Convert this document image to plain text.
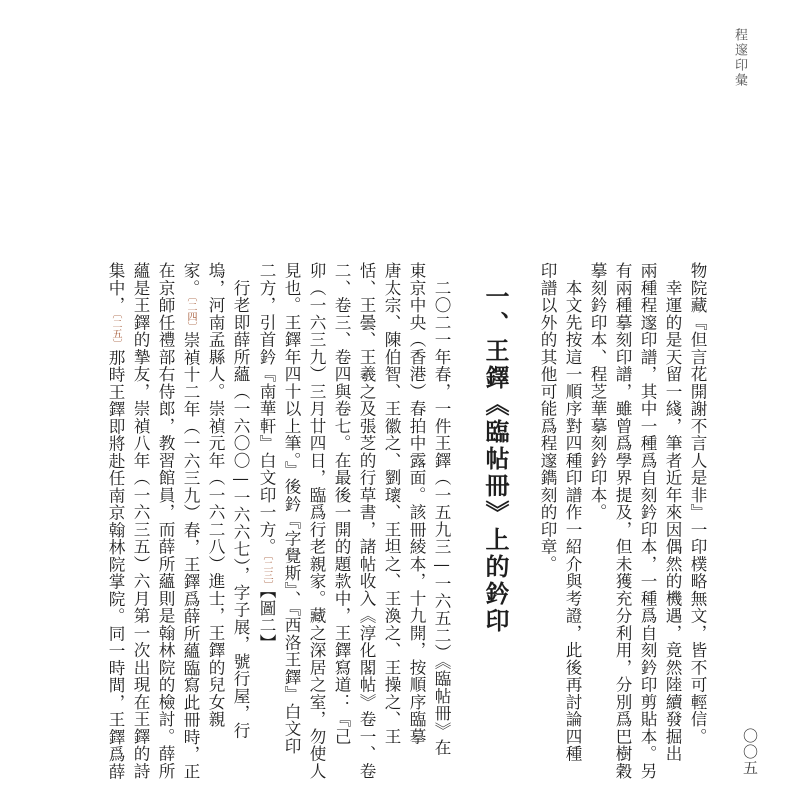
程邃印彙
〇〇五
一、王鐸《臨帖冊》上的鈐印	物院藏『但言花開謝不言人是非』一印樸略無文，皆不可輕信。
　幸運的是天留一綫，筆者近年來因偶然的機遇，竟然陸續發掘出
兩種程邃印譜，其中一種爲自刻鈐印本，一種爲自刻鈐印剪貼本。另
有兩種摹刻印譜，雖曾爲學界提及，但未獲充分利用，分別爲巴樹穀
摹刻鈐印本、程芝華摹刻鈐印本。
　本文先按這一順序對四種印譜作一紹介與考證，此後再討論四種
印譜以外的其他可能爲程邃鐫刻的印章。
　二〇二一年春，一件王鐸（一五九三—一六五二）《臨帖冊》在
東京中央（香港）春拍中露面。該冊綾本，十九開，按順序臨摹
唐太宗、陳伯智、王徽之、劉瓌、王坦之、王渙之、王操之、王
恬、王曇、王羲之及張芝的行草書，諸帖收入《淳化閣帖》卷一、卷
二、卷三、卷四與卷七。在最後一開的題款中，王鐸寫道：『己
卯（一六三九）三月廿四日，臨爲行老親家。藏之深居之室，勿使人
見也。王鐸年四十以上筆。』後鈐『字覺斯』、『西洛王鐸』白文印
二方，引首鈐『南華軒』白文印一方。〔二三〕【圖二】
　行老即薛所蘊（一六〇〇—一六六七），字子展，號行屋，行
塢，河南孟縣人。崇禎元年（一六二八）進士，王鐸的兒女親
家。〔二四〕崇禎十二年（一六三九）春，王鐸爲薛所蘊臨寫此冊時，正
在京師任禮部右侍郎，教習館員，而薛所蘊則是翰林院的檢討。薛所
蘊是王鐸的摯友，崇禎八年（一六三五）六月第一次出現在王鐸的詩
集中，〔二五〕那時王鐸即將赴任南京翰林院掌院。同一時間，王鐸爲薛
